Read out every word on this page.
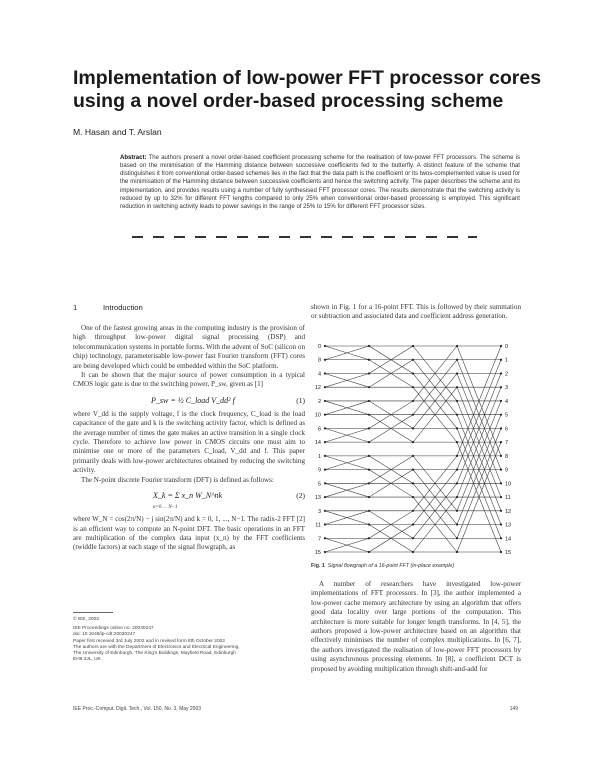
Implementation of low-power FFT processor cores using a novel order-based processing scheme
M. Hasan and T. Arslan
Abstract: The authors present a novel order-based coefficient processing scheme for the realisation of low-power FFT processors. The scheme is based on the minimisation of the Hamming distance between successive coefficients fed to the butterfly. A distinct feature of the scheme that distinguishes it from conventional order-based schemes lies in the fact that the data path is the coefficient or its twos-complemented value is used for the minimisation of the Hamming distance between successive coefficients and hence the switching activity. The paper describes the scheme and its implementation, and provides results using a number of fully synthesised FFT processor cores. The results demonstrate that the switching activity is reduced by up to 32% for different FFT lengths compared to only 25% when conventional order-based processing is employed. This significant reduction in switching activity leads to power savings in the range of 25% to 15% for different FFT processor sizes.
1	Introduction

One of the fastest growing areas in the computing industry is the provision of high throughput low-power digital signal processing (DSP) and telecommunication systems in portable forms. With the advent of SoC (silicon on chip) technology, parameterisable low-power fast Fourier transform (FFT) cores are being developed which could be embedded within the SoC platform.

It can be shown that the major source of power consumption in a typical CMOS logic gate is due to the switching power, P_sw, given as [1]

P_sw = ½ C_load V_dd² f	(1)

where V_dd is the supply voltage, f is the clock frequency, C_load is the load capacitance of the gate and k is the switching activity factor, which is defined as the average number of times the gate makes an active transition in a single clock cycle. Therefore to achieve low power in CMOS circuits one must aim to minimise one or more of the parameters C_load, V_dd and f. This paper primarily deals with low-power architectures obtained by reducing the switching activity.

The N-point discrete Fourier transform (DFT) is defined as follows:

X_k = Σ x_n W_N^nk
n=0 … N−1
(2)

where W_N = cos(2π/N) − j sin(2π/N) and k = 0, 1, ..., N−1. The radix-2 FFT [2] is an efficient way to compute an N-point DFT. The basic operations in an FFT are multiplication of the complex data input (x_n) by the FFT coefficients (twiddle factors) at each stage of the signal flowgraph, as

© IEE, 2003
IEE Proceedings online no. 20030247
doi: 10.1049/ip-cdt:20030247
Paper first received 3rd July 2002 and in revised form 8th October 2002
The authors are with the Department of Electronics and Electrical Engineering,
The University of Edinburgh, The King's Buildings, Mayfield Road, Edinburgh
EH9 3JL, UK

shown in Fig. 1 for a 16-point FFT. This is followed by their summation or subtraction and associated data and coefficient address generation.

0
8
4
12
2
10
6
14
1
9
5
13
3
11
7
15
0
1
2
3
4
5
6
7
8
9
10
11
12
13
14
15
Fig. 1 Signal flowgraph of a 16-point FFT (in-place example)

A number of researchers have investigated low-power implementations of FFT processors. In [3], the author implemented a low-power cache memory architecture by using an algorithm that offers good data locality over large portions of the computation. This architecture is more suitable for longer length transforms. In [4, 5], the authors proposed a low-power architecture based on an algorithm that effectively minimises the number of complex multiplications. In [6, 7], the authors investigated the realisation of low-power FFT processors by using asynchronous processing elements. In [8], a coefficient DCT is proposed by avoiding multiplication through shift-and-add for

IEE Proc.-Comput. Digit. Tech., Vol. 150, No. 3, May 2003	149
